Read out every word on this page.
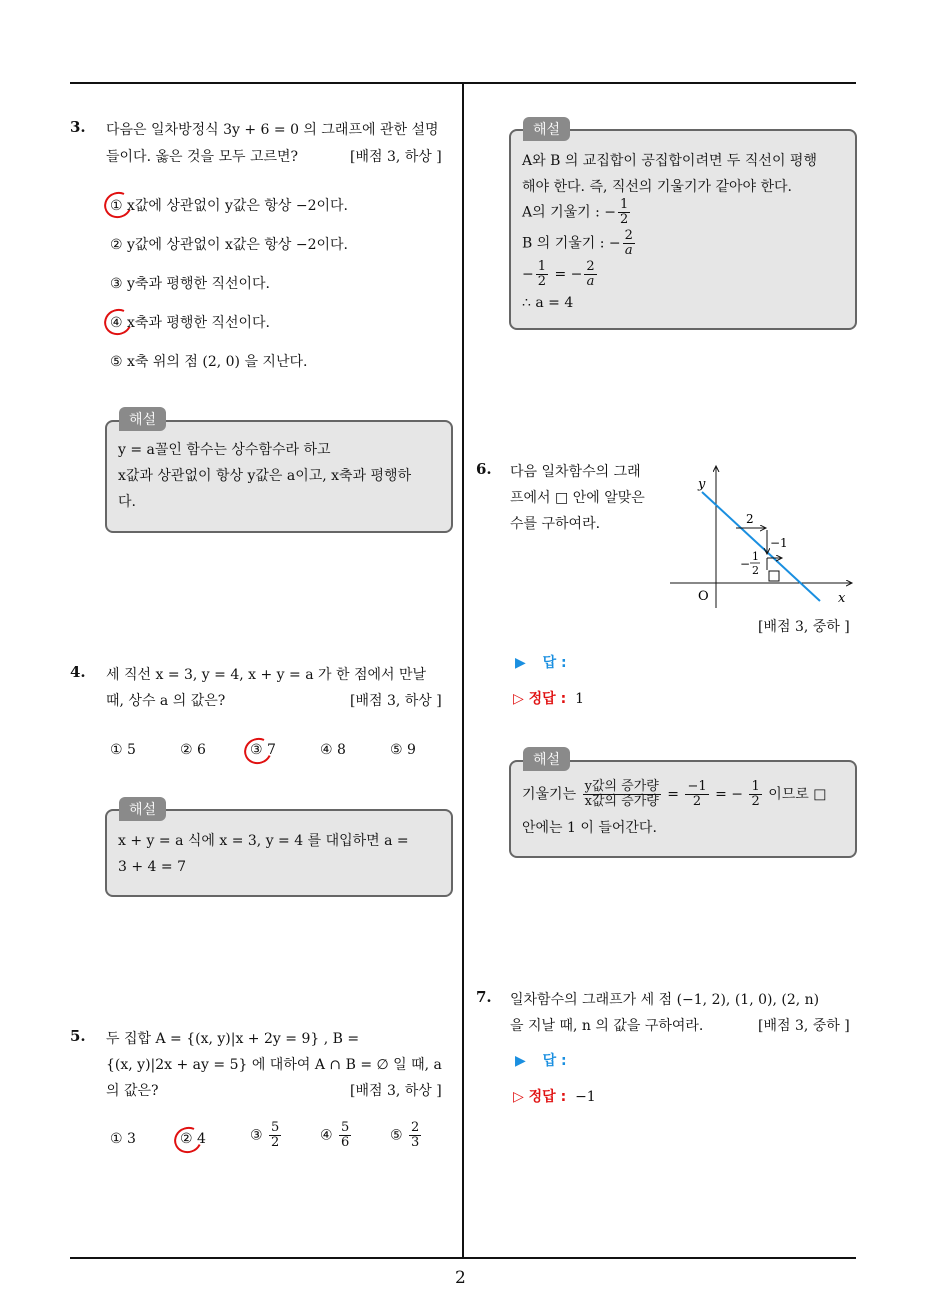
2
3. 다음은 일차방정식 3y + 6 = 0 의 그래프에 관한 설명
들이다. 옳은 것을 모두 고르면?	[배점 3, 하상 ]
① x값에 상관없이 y값은 항상 −2이다.
② y값에 상관없이 x값은 항상 −2이다.
③ y축과 평행한 직선이다.
④ x축과 평행한 직선이다.
⑤ x축 위의 점 (2, 0) 을 지난다.
해설
y = a꼴인 함수는 상수함수라 하고
x값과 상관없이 항상 y값은 a이고, x축과 평행하
다.
4. 세 직선 x = 3, y = 4, x + y = a 가 한 점에서 만날
때, 상수 a 의 값은?	[배점 3, 하상 ]
① 5	② 6	③ 7	④ 8	⑤ 9
해설
x + y = a 식에 x = 3, y = 4 를 대입하면 a =
3 + 4 = 7
5. 두 집합 A = {(x, y)|x + 2y = 9} , B =
{(x, y)|2x + ay = 5} 에 대하여 A ∩ B = ∅ 일 때, a
의 값은?	[배점 3, 하상 ]
① 3	② 4	③ $\frac{5}{2}$	④ $\frac{5}{6}$	⑤ $\frac{2}{3}$
해설
A와 B 의 교집합이 공집합이려면 두 직선이 평행
해야 한다. 즉, 직선의 기울기가 같아야 한다.
A의 기울기 : − $\frac{1}{2}$
B 의 기울기 : − $\frac{2}{a}$
− $\frac{1}{2}$ = − $\frac{2}{a}$
∴ a = 4
6. 다음 일차함수의 그래
프에서 □ 안에 알맞은
수를 구하여라.
y
x
O
2
−1
−
1
2
[배점 3, 중하 ]
▶ 답 :
▷ 정답 : 1
해설
기울기는 $\frac{\text{y값의 증가량}}{\text{x값의 증가량}} = \frac{-1}{2}$ = − $\frac{1}{2}$ 이므로 □
안에는 1 이 들어간다.
7. 일차함수의 그래프가 세 점 (−1, 2), (1, 0), (2, n)
을 지날 때, n 의 값을 구하여라.	[배점 3, 중하 ]
▶ 답 :
▷ 정답 : −1
